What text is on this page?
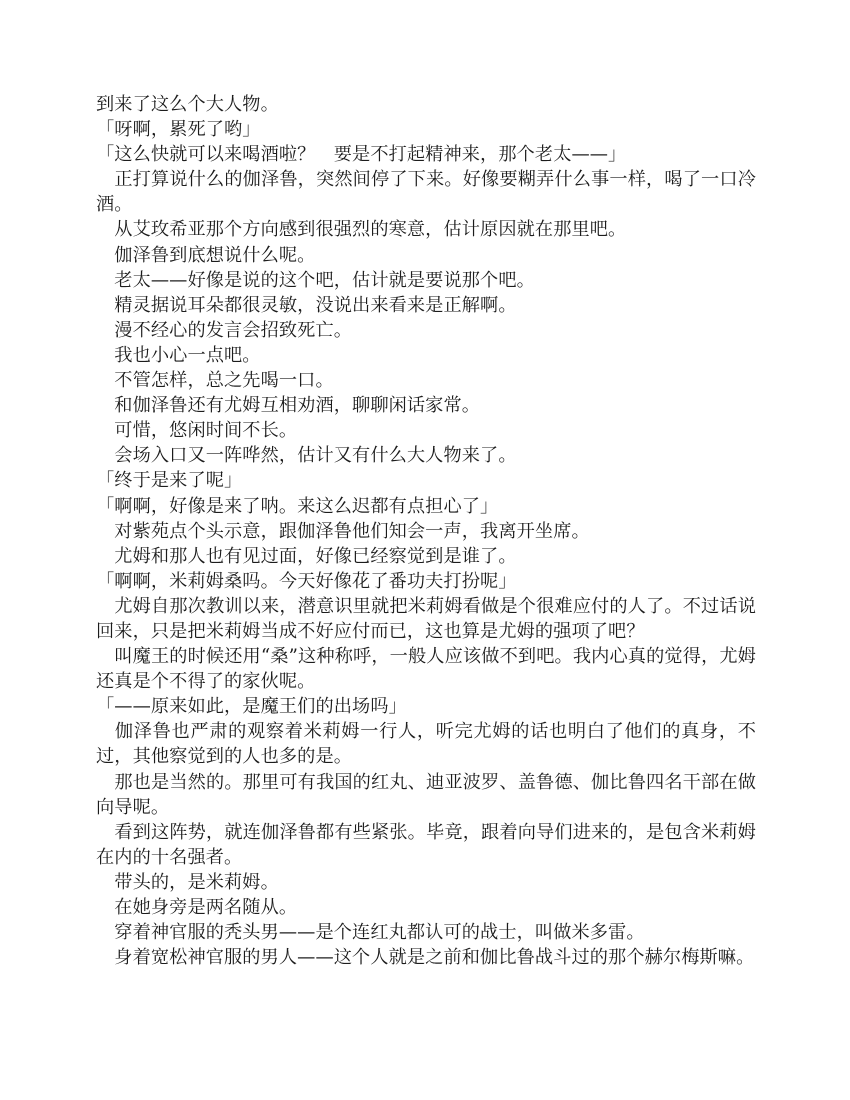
到来了这么个大人物。

「呀啊，累死了哟」

「这么快就可以来喝酒啦？　要是不打起精神来，那个老太——」

　正打算说什么的伽泽鲁，突然间停了下来。好像要糊弄什么事一样，喝了一口冷酒。

　从艾玫希亚那个方向感到很强烈的寒意，估计原因就在那里吧。

　伽泽鲁到底想说什么呢。

　老太——好像是说的这个吧，估计就是要说那个吧。

　精灵据说耳朵都很灵敏，没说出来看来是正解啊。

　漫不经心的发言会招致死亡。

　我也小心一点吧。

　不管怎样，总之先喝一口。

　和伽泽鲁还有尤姆互相劝酒，聊聊闲话家常。

　可惜，悠闲时间不长。

　会场入口又一阵哗然，估计又有什么大人物来了。

「终于是来了呢」

「啊啊，好像是来了呐。来这么迟都有点担心了」

　对紫苑点个头示意，跟伽泽鲁他们知会一声，我离开坐席。

　尤姆和那人也有见过面，好像已经察觉到是谁了。

「啊啊，米莉姆桑吗。今天好像花了番功夫打扮呢」

　尤姆自那次教训以来，潜意识里就把米莉姆看做是个很难应付的人了。不过话说回来，只是把米莉姆当成不好应付而已，这也算是尤姆的强项了吧？

　叫魔王的时候还用“桑”这种称呼，一般人应该做不到吧。我内心真的觉得，尤姆还真是个不得了的家伙呢。

「——原来如此，是魔王们的出场吗」

　伽泽鲁也严肃的观察着米莉姆一行人，听完尤姆的话也明白了他们的真身，不过，其他察觉到的人也多的是。

　那也是当然的。那里可有我国的红丸、迪亚波罗、盖鲁德、伽比鲁四名干部在做向导呢。

　看到这阵势，就连伽泽鲁都有些紧张。毕竟，跟着向导们进来的，是包含米莉姆在内的十名强者。

　带头的，是米莉姆。

　在她身旁是两名随从。

　穿着神官服的秃头男——是个连红丸都认可的战士，叫做米多雷。

　身着宽松神官服的男人——这个人就是之前和伽比鲁战斗过的那个赫尔梅斯嘛。
